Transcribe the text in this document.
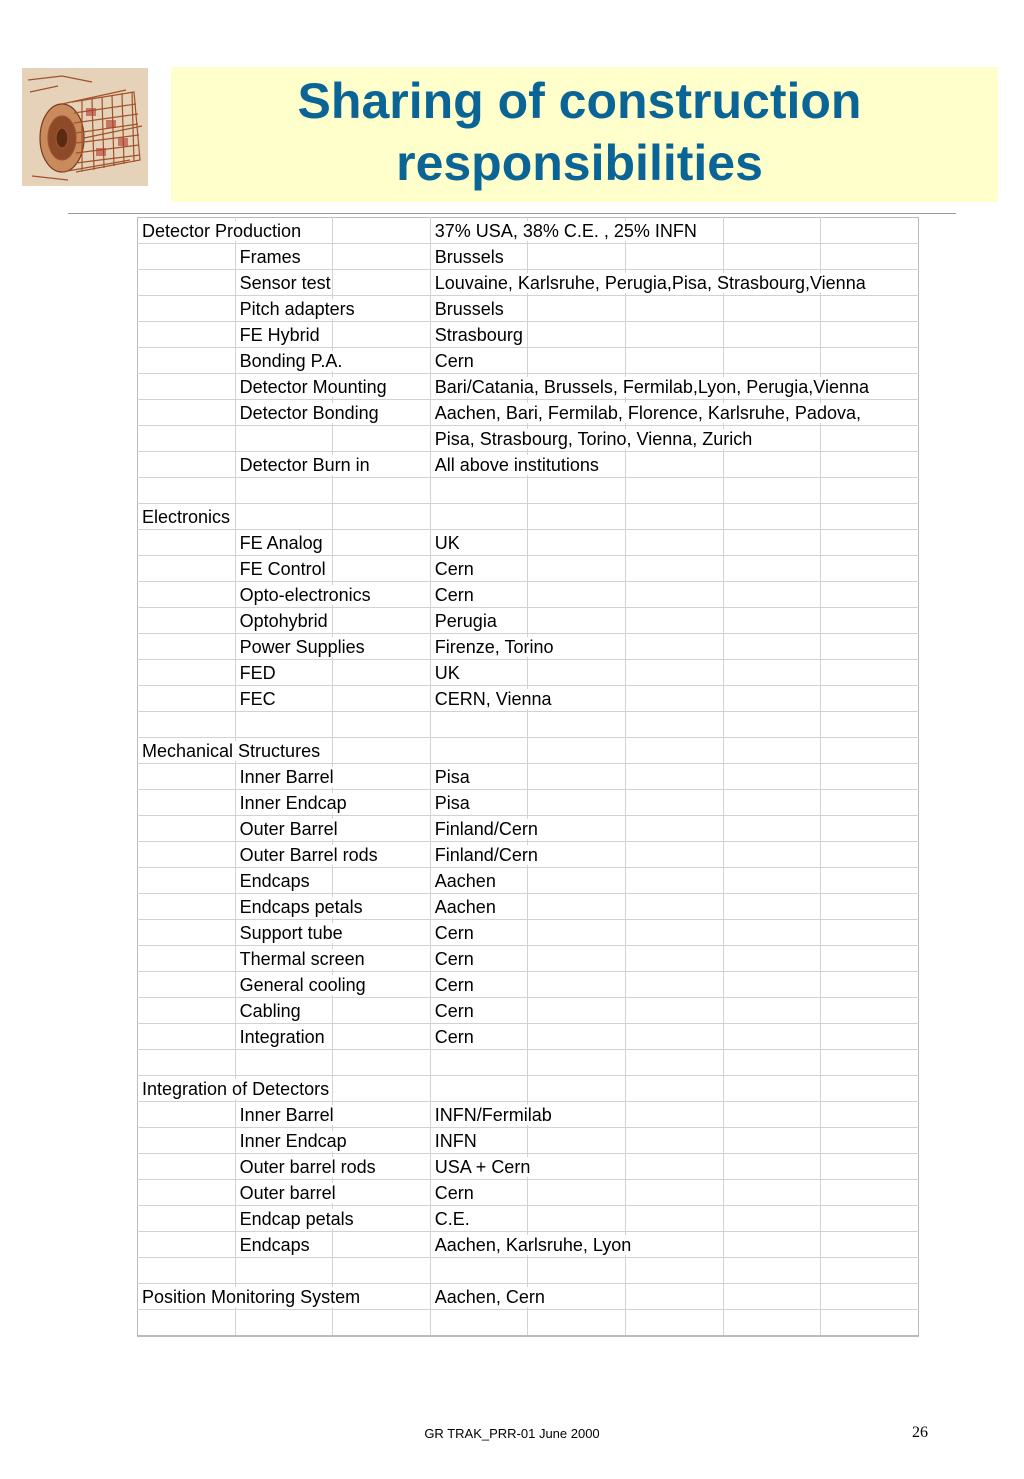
Sharing of construction
responsibilities
Detector Production			37% USA, 38% C.E. , 25% INFN				
	Frames		Brussels				
	Sensor test		Louvaine, Karlsruhe, Perugia,Pisa, Strasbourg,Vienna				
	Pitch adapters		Brussels				
	FE Hybrid		Strasbourg				
	Bonding P.A.		Cern				
	Detector Mounting		Bari/Catania, Brussels, Fermilab,Lyon, Perugia,Vienna				
	Detector Bonding		Aachen, Bari, Fermilab, Florence, Karlsruhe, Padova,				
			Pisa, Strasbourg, Torino, Vienna, Zurich				
	Detector Burn in		All above institutions				

Electronics							
	FE Analog		UK				
	FE Control		Cern				
	Opto-electronics		Cern				
	Optohybrid		Perugia				
	Power Supplies		Firenze, Torino				
	FED		UK				
	FEC		CERN, Vienna				

Mechanical Structures							
	Inner Barrel		Pisa				
	Inner Endcap		Pisa				
	Outer Barrel		Finland/Cern				
	Outer Barrel rods		Finland/Cern				
	Endcaps		Aachen				
	Endcaps petals		Aachen				
	Support tube		Cern				
	Thermal screen		Cern				
	General cooling		Cern				
	Cabling		Cern				
	Integration		Cern				

Integration of Detectors							
	Inner Barrel		INFN/Fermilab				
	Inner Endcap		INFN				
	Outer barrel rods		USA + Cern				
	Outer barrel		Cern				
	Endcap petals		C.E.				
	Endcaps		Aachen, Karlsruhe, Lyon				

Position Monitoring System			Aachen, Cern				

GR TRAK_PRR-01 June 2000	26
